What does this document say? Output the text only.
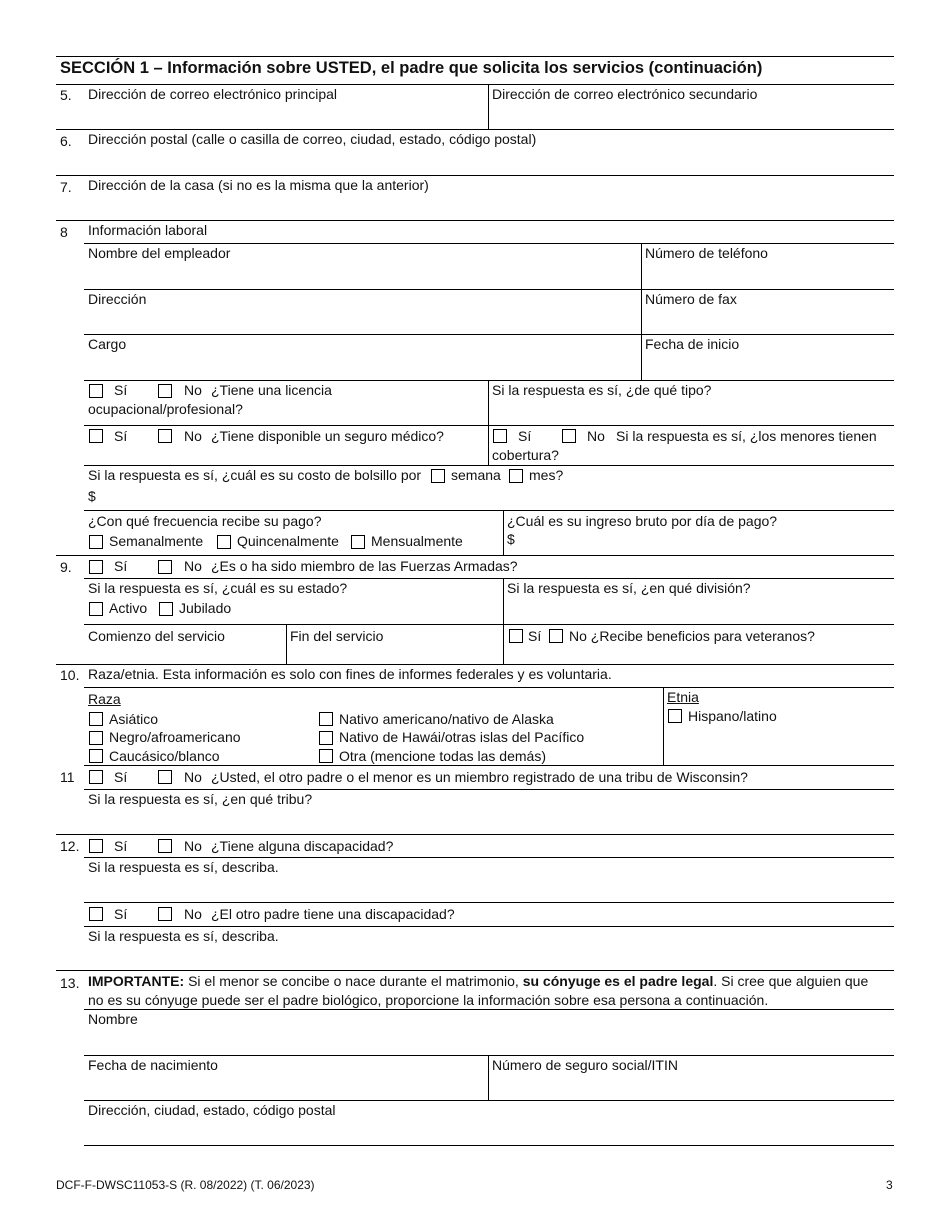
SECCIÓN 1 – Información sobre USTED, el padre que solicita los servicios (continuación)
5. Dirección de correo electrónico principal	Dirección de correo electrónico secundario
6. Dirección postal (calle o casilla de correo, ciudad, estado, código postal)
7. Dirección de la casa (si no es la misma que la anterior)
8 Información laboral
Nombre del empleador	Número de teléfono
Dirección	Número de fax
Cargo	Fecha de inicio
Sí	No ¿Tiene una licencia
ocupacional/profesional?
Si la respuesta es sí, ¿de qué tipo?
Sí	No ¿Tiene disponible un seguro médico?	Sí	No Si la respuesta es sí, ¿los menores tienen
cobertura?
Si la respuesta es sí, ¿cuál es su costo de bolsillo por semana mes?
$
¿Con qué frecuencia recibe su pago?
Semanalmente Quincenalmente Mensualmente
¿Cuál es su ingreso bruto por día de pago?
$
9.	Sí	No ¿Es o ha sido miembro de las Fuerzas Armadas?
Si la respuesta es sí, ¿cuál es su estado?
Activo Jubilado
Si la respuesta es sí, ¿en qué división?
Comienzo del servicio	Fin del servicio	Sí No ¿Recibe beneficios para veteranos?
10. Raza/etnia. Esta información es solo con fines de informes federales y es voluntaria.
Raza
Asiático
Negro/afroamericano
Caucásico/blanco
Nativo americano/nativo de Alaska
Nativo de Hawái/otras islas del Pacífico
Otra (mencione todas las demás)
Etnia
Hispano/latino
11	Sí	No ¿Usted, el otro padre o el menor es un miembro registrado de una tribu de Wisconsin?
Si la respuesta es sí, ¿en qué tribu?
12. Sí	No ¿Tiene alguna discapacidad?
Si la respuesta es sí, describa.
Sí	No ¿El otro padre tiene una discapacidad?
Si la respuesta es sí, describa.
13. IMPORTANTE: Si el menor se concibe o nace durante el matrimonio, su cónyuge es el padre legal. Si cree que alguien que
no es su cónyuge puede ser el padre biológico, proporcione la información sobre esa persona a continuación.
Nombre
Fecha de nacimiento	Número de seguro social/ITIN
Dirección, ciudad, estado, código postal
DCF-F-DWSC11053-S (R. 08/2022) (T. 06/2023)	3
